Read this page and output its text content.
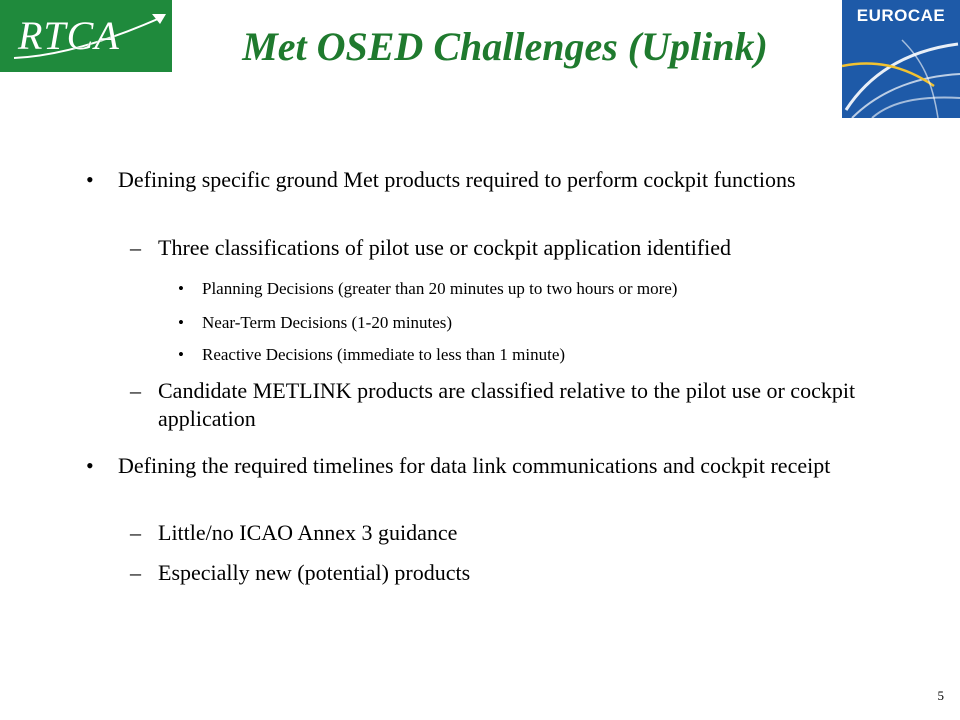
RTCA	EUROCAE
Met OSED Challenges (Uplink)
• Defining specific ground Met products required to perform cockpit functions
– Three classifications of pilot use or cockpit application identified
• Planning Decisions (greater than 20 minutes up to two hours or more)
• Near-Term Decisions (1-20 minutes)
• Reactive Decisions (immediate to less than 1 minute)
– Candidate METLINK products are classified relative to the pilot use or cockpit application
• Defining the required timelines for data link communications and cockpit receipt
– Little/no ICAO Annex 3 guidance
– Especially new (potential) products
5
